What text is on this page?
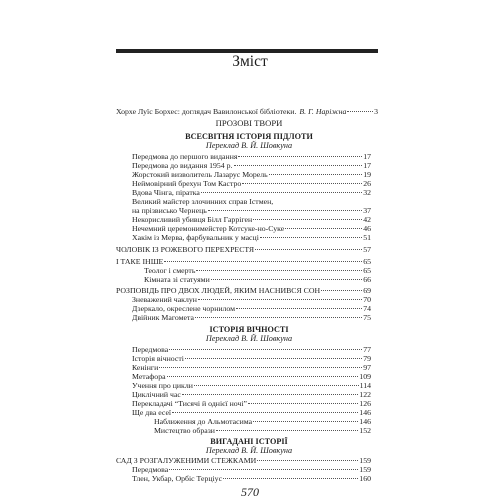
Зміст
Хорхе Луїс Борхес: доглядач Вавилонської бібліотеки. В. Г. Наріжна	3
ПРОЗОВІ ТВОРИ
ВСЕСВІТНЯ ІСТОРІЯ ПІДЛОТИ
Переклад В. Й. Шовкуна
Передмова до першого видання	17
Передмова до видання 1954 р.	17
Жорстокий визволитель Лазарус Морель	19
Неймовірний брехун Том Кастро	26
Вдова Чінга, піратка	32
Великий майстер злочинних справ Істмен,
на прізвисько Чернець	37
Некорисливий убивця Білл Гарріген	42
Нечемний церемонимейстер Котсуке-но-Суке	46
Хакім із Мерва, фарбувальник у масці	51
ЧОЛОВІК ІЗ РОЖЕВОГО ПЕРЕХРЕСТЯ	57
І ТАКЕ ІНШЕ	65
Теолог і смерть	65
Кімната зі статуями	66
РОЗПОВІДЬ ПРО ДВОХ ЛЮДЕЙ, ЯКИМ НАСНИВСЯ СОН	69
Зневажений чаклун	70
Дзеркало, окреслене чорнилом	74
Двійник Магомета	75
ІСТОРІЯ ВІЧНОСТІ
Переклад В. Й. Шовкуна
Передмова	77
Історія вічності	79
Кенінги	97
Метафора	109
Учення про цикли	114
Циклічний час	122
Перекладачі “Тисячі й однієї ночі”	126
Ще два есеї	146
Наближення до Альмотасима	146
Мистецтво образи	152
ВИГАДАНІ ІСТОРІЇ
Переклад В. Й. Шовкуна
САД З РОЗГАЛУЖЕНИМИ СТЕЖКАМИ	159
Передмова	159
Тлен, Укбар, Орбіс Терціус	160
570
